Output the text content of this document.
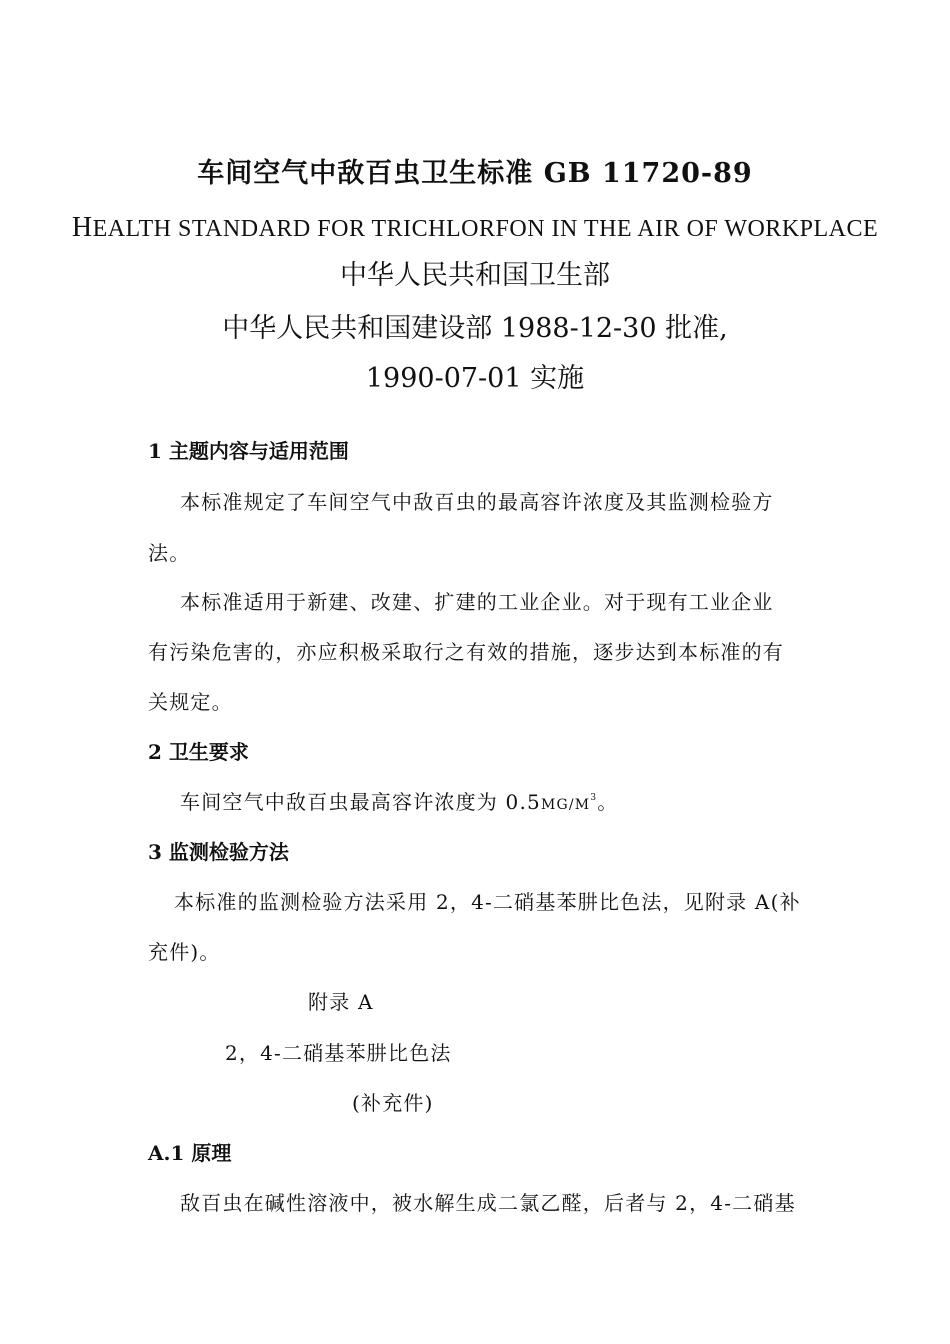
车间空气中敌百虫卫生标准 GB 11720-89
HEALTH STANDARD FOR TRICHLORFON IN THE AIR OF WORKPLACE
中华人民共和国卫生部
中华人民共和国建设部 1988-12-30 批准,
1990-07-01 实施
1 主题内容与适用范围
本标准规定了车间空气中敌百虫的最高容许浓度及其监测检验方
法。
本标准适用于新建、改建、扩建的工业企业。对于现有工业企业
有污染危害的，亦应积极采取行之有效的措施，逐步达到本标准的有
关规定。
2 卫生要求
车间空气中敌百虫最高容许浓度为 $0.5MG/M^3$。
3 监测检验方法
本标准的监测检验方法采用 2，4-二硝基苯肼比色法，见附录 A(补
充件)。
附录 A
2，4-二硝基苯肼比色法
(补充件)
A.1 原理
敌百虫在碱性溶液中，被水解生成二氯乙醛，后者与 2，4-二硝基
